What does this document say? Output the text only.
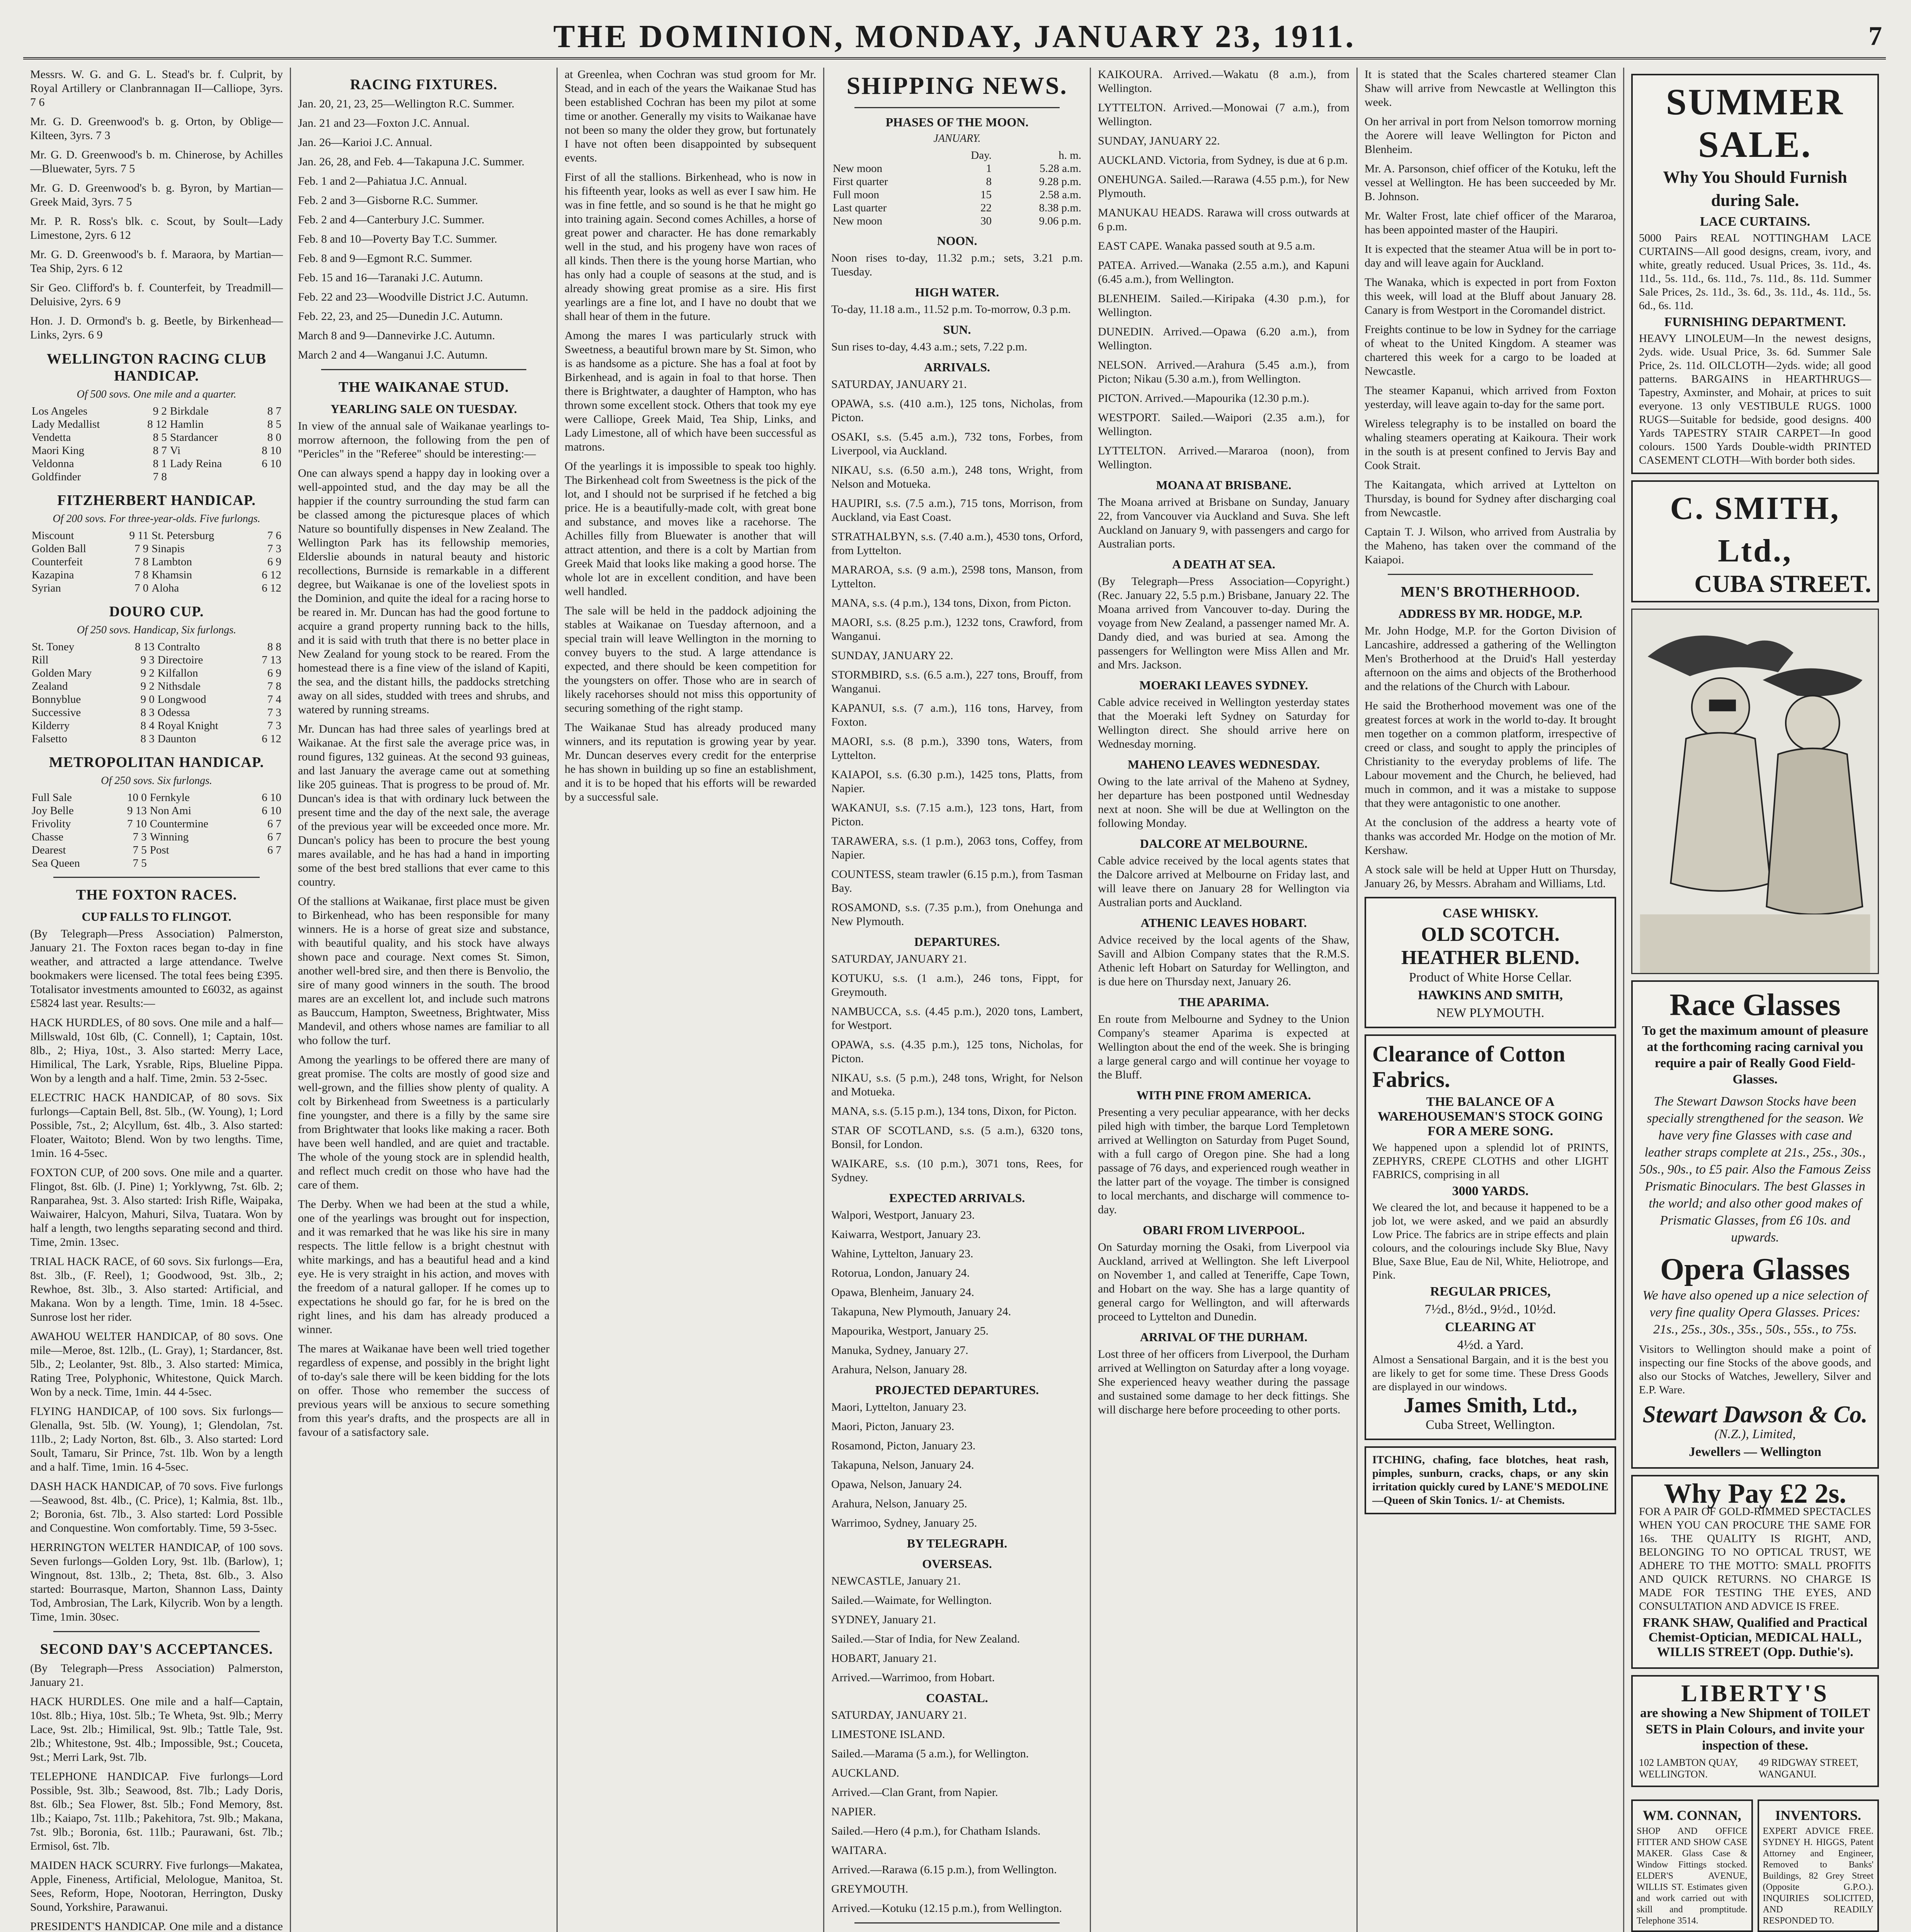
THE DOMINION, MONDAY, JANUARY 23, 1911.	7

Messrs. W. G. and G. L. Stead's br. f. Culprit, by Royal Artillery or Clanbrannagan II—Calliope, 3yrs. 7 6

Mr. G. D. Greenwood's b. g. Orton, by Oblige—Kilteen, 3yrs. 7 3

Mr. G. D. Greenwood's b. m. Chinerose, by Achilles—Bluewater, 5yrs. 7 5

Mr. G. D. Greenwood's b. g. Byron, by Martian—Greek Maid, 3yrs. 7 5

Mr. P. R. Ross's blk. c. Scout, by Soult—Lady Limestone, 2yrs. 6 12

Mr. G. D. Greenwood's b. f. Maraora, by Martian—Tea Ship, 2yrs. 6 12

Sir Geo. Clifford's b. f. Counterfeit, by Treadmill—Deluisive, 2yrs. 6 9

Hon. J. D. Ormond's b. g. Beetle, by Birkenhead—Links, 2yrs. 6 9

WELLINGTON RACING CLUB HANDICAP.
Of 500 sovs. One mile and a quarter.
Los Angeles	9 2	Birkdale	8 7
Lady Medallist	8 12	Hamlin	8 5
Vendetta	8 5	Stardancer	8 0
Maori King	8 7	Vi	8 10
Veldonna	8 1	Lady Reina	6 10
Goldfinder	7 8		
FITZHERBERT HANDICAP.
Of 200 sovs. For three-year-olds. Five furlongs.
Miscount	9 11	St. Petersburg	7 6
Golden Ball	7 9	Sinapis	7 3
Counterfeit	7 8	Lambton	6 9
Kazapina	7 8	Khamsin	6 12
Syrian	7 0	Aloha	6 12
DOURO CUP.
Of 250 sovs. Handicap, Six furlongs.
St. Toney	8 13	Contralto	8 8
Rill	9 3	Directoire	7 13
Golden Mary	9 2	Kilfallon	6 9
Zealand	9 2	Nithsdale	7 8
Bonnyblue	9 0	Longwood	7 4
Successive	8 3	Odessa	7 3
Kilderry	8 4	Royal Knight	7 3
Falsetto	8 3	Daunton	6 12
METROPOLITAN HANDICAP.
Of 250 sovs. Six furlongs.
Full Sale	10 0	Fernkyle	6 10
Joy Belle	9 13	Non Ami	6 10
Frivolity	7 10	Countermine	6 7
Chasse	7 3	Winning	6 7
Dearest	7 5	Post	6 7
Sea Queen	7 5		
THE FOXTON RACES.
CUP FALLS TO FLINGOT.

(By Telegraph—Press Association) Palmerston, January 21. The Foxton races began to-day in fine weather, and attracted a large attendance. Twelve bookmakers were licensed. The total fees being £395. Totalisator investments amounted to £6032, as against £5824 last year. Results:—

HACK HURDLES, of 80 sovs. One mile and a half—Millswald, 10st 6lb, (C. Connell), 1; Captain, 10st. 8lb., 2; Hiya, 10st., 3. Also started: Merry Lace, Himilical, The Lark, Ysrable, Rips, Blueline Pippa. Won by a length and a half. Time, 2min. 53 2-5sec.

ELECTRIC HACK HANDICAP, of 80 sovs. Six furlongs—Captain Bell, 8st. 5lb., (W. Young), 1; Lord Possible, 7st., 2; Alcyllum, 6st. 4lb., 3. Also started: Floater, Waitoto; Blend. Won by two lengths. Time, 1min. 16 4-5sec.

FOXTON CUP, of 200 sovs. One mile and a quarter. Flingot, 8st. 6lb. (J. Pine) 1; Yorklywng, 7st. 6lb. 2; Ranparahea, 9st. 3. Also started: Irish Rifle, Waipaka, Waiwairer, Halcyon, Mahuri, Silva, Tuatara. Won by half a length, two lengths separating second and third. Time, 2min. 13sec.

TRIAL HACK RACE, of 60 sovs. Six furlongs—Era, 8st. 3lb., (F. Reel), 1; Goodwood, 9st. 3lb., 2; Rewhoe, 8st. 3lb., 3. Also started: Artificial, and Makana. Won by a length. Time, 1min. 18 4-5sec. Sunrose lost her rider.

AWAHOU WELTER HANDICAP, of 80 sovs. One mile—Meroe, 8st. 12lb., (L. Gray), 1; Stardancer, 8st. 5lb., 2; Leolanter, 9st. 8lb., 3. Also started: Mimica, Rating Tree, Polyphonic, Whitestone, Quick March. Won by a neck. Time, 1min. 44 4-5sec.

FLYING HANDICAP, of 100 sovs. Six furlongs—Glenalla, 9st. 5lb. (W. Young), 1; Glendolan, 7st. 11lb., 2; Lady Norton, 8st. 6lb., 3. Also started: Lord Soult, Tamaru, Sir Prince, 7st. 1lb. Won by a length and a half. Time, 1min. 16 4-5sec.

DASH HACK HANDICAP, of 70 sovs. Five furlongs—Seawood, 8st. 4lb., (C. Price), 1; Kalmia, 8st. 1lb., 2; Boronia, 6st. 7lb., 3. Also started: Lord Possible and Conquestine. Won comfortably. Time, 59 3-5sec.

HERRINGTON WELTER HANDICAP, of 100 sovs. Seven furlongs—Golden Lory, 9st. 1lb. (Barlow), 1; Wingnout, 8st. 13lb., 2; Theta, 8st. 6lb., 3. Also started: Bourrasque, Marton, Shannon Lass, Dainty Tod, Ambrosian, The Lark, Kilycrib. Won by a length. Time, 1min. 30sec.

SECOND DAY'S ACCEPTANCES.

(By Telegraph—Press Association) Palmerston, January 21.

HACK HURDLES. One mile and a half—Captain, 10st. 8lb.; Hiya, 10st. 5lb.; Te Wheta, 9st. 9lb.; Merry Lace, 9st. 2lb.; Himilical, 9st. 9lb.; Tattle Tale, 9st. 2lb.; Whitestone, 9st. 4lb.; Impossible, 9st.; Couceta, 9st.; Merri Lark, 9st. 7lb.

TELEPHONE HANDICAP. Five furlongs—Lord Possible, 9st. 3lb.; Seawood, 8st. 7lb.; Lady Doris, 8st. 6lb.; Sea Flower, 8st. 5lb.; Fond Memory, 8st. 1lb.; Kaiapo, 7st. 11lb.; Pakehitora, 7st. 9lb.; Makana, 7st. 9lb.; Boronia, 6st. 11lb.; Paurawani, 6st. 7lb.; Ermisol, 6st. 7lb.

MAIDEN HACK SCURRY. Five furlongs—Makatea, Apple, Fineness, Artificial, Melologue, Manitoa, St. Sees, Reform, Hope, Nootoran, Herrington, Dusky Sound, Yorkshire, Parawanui.

PRESIDENT'S HANDICAP. One mile and a distance

RACING FIXTURES.

Jan. 20, 21, 23, 25—Wellington R.C. Summer.

Jan. 21 and 23—Foxton J.C. Annual.

Jan. 26—Karioi J.C. Annual.

Jan. 26, 28, and Feb. 4—Takapuna J.C. Summer.

Feb. 1 and 2—Pahiatua J.C. Annual.

Feb. 2 and 3—Gisborne R.C. Summer.

Feb. 2 and 4—Canterbury J.C. Summer.

Feb. 8 and 10—Poverty Bay T.C. Summer.

Feb. 8 and 9—Egmont R.C. Summer.

Feb. 15 and 16—Taranaki J.C. Autumn.

Feb. 22 and 23—Woodville District J.C. Autumn.

Feb. 22, 23, and 25—Dunedin J.C. Autumn.

March 8 and 9—Dannevirke J.C. Autumn.

March 2 and 4—Wanganui J.C. Autumn.

THE WAIKANAE STUD.
YEARLING SALE ON TUESDAY.

In view of the annual sale of Waikanae yearlings to-morrow afternoon, the following from the pen of "Pericles" in the "Referee" should be interesting:—

One can always spend a happy day in looking over a well-appointed stud, and the day may be all the happier if the country surrounding the stud farm can be classed among the picturesque places of which Nature so bountifully dispenses in New Zealand. The Wellington Park has its fellowship memories, Elderslie abounds in natural beauty and historic recollections, Burnside is remarkable in a different degree, but Waikanae is one of the loveliest spots in the Dominion, and quite the ideal for a racing horse to be reared in. Mr. Duncan has had the good fortune to acquire a grand property running back to the hills, and it is said with truth that there is no better place in New Zealand for young stock to be reared. From the homestead there is a fine view of the island of Kapiti, the sea, and the distant hills, the paddocks stretching away on all sides, studded with trees and shrubs, and watered by running streams.

Mr. Duncan has had three sales of yearlings bred at Waikanae. At the first sale the average price was, in round figures, 132 guineas. At the second 93 guineas, and last January the average came out at something like 205 guineas. That is progress to be proud of. Mr. Duncan's idea is that with ordinary luck between the present time and the day of the next sale, the average of the previous year will be exceeded once more. Mr. Duncan's policy has been to procure the best young mares available, and he has had a hand in importing some of the best bred stallions that ever came to this country.

Of the stallions at Waikanae, first place must be given to Birkenhead, who has been responsible for many winners. He is a horse of great size and substance, with beautiful quality, and his stock have always shown pace and courage. Next comes St. Simon, another well-bred sire, and then there is Benvolio, the sire of many good winners in the south. The brood mares are an excellent lot, and include such matrons as Bauccum, Hampton, Sweetness, Brightwater, Miss Mandevil, and others whose names are familiar to all who follow the turf.

Among the yearlings to be offered there are many of great promise. The colts are mostly of good size and well-grown, and the fillies show plenty of quality. A colt by Birkenhead from Sweetness is a particularly fine youngster, and there is a filly by the same sire from Brightwater that looks like making a racer. Both have been well handled, and are quiet and tractable. The whole of the young stock are in splendid health, and reflect much credit on those who have had the care of them.

The Derby. When we had been at the stud a while, one of the yearlings was brought out for inspection, and it was remarked that he was like his sire in many respects. The little fellow is a bright chestnut with white markings, and has a beautiful head and a kind eye. He is very straight in his action, and moves with the freedom of a natural galloper. If he comes up to expectations he should go far, for he is bred on the right lines, and his dam has already produced a winner.

The mares at Waikanae have been well tried together regardless of expense, and possibly in the bright light of to-day's sale there will be keen bidding for the lots on offer. Those who remember the success of previous years will be anxious to secure something from this year's drafts, and the prospects are all in favour of a satisfactory sale.

at Greenlea, when Cochran was stud groom for Mr. Stead, and in each of the years the Waikanae Stud has been established Cochran has been my pilot at some time or another. Generally my visits to Waikanae have not been so many the older they grow, but fortunately I have not often been disappointed by subsequent events.

First of all the stallions. Birkenhead, who is now in his fifteenth year, looks as well as ever I saw him. He was in fine fettle, and so sound is he that he might go into training again. Second comes Achilles, a horse of great power and character. He has done remarkably well in the stud, and his progeny have won races of all kinds. Then there is the young horse Martian, who has only had a couple of seasons at the stud, and is already showing great promise as a sire. His first yearlings are a fine lot, and I have no doubt that we shall hear of them in the future.

Among the mares I was particularly struck with Sweetness, a beautiful brown mare by St. Simon, who is as handsome as a picture. She has a foal at foot by Birkenhead, and is again in foal to that horse. Then there is Brightwater, a daughter of Hampton, who has thrown some excellent stock. Others that took my eye were Calliope, Greek Maid, Tea Ship, Links, and Lady Limestone, all of which have been successful as matrons.

Of the yearlings it is impossible to speak too highly. The Birkenhead colt from Sweetness is the pick of the lot, and I should not be surprised if he fetched a big price. He is a beautifully-made colt, with great bone and substance, and moves like a racehorse. The Achilles filly from Bluewater is another that will attract attention, and there is a colt by Martian from Greek Maid that looks like making a good horse. The whole lot are in excellent condition, and have been well handled.

The sale will be held in the paddock adjoining the stables at Waikanae on Tuesday afternoon, and a special train will leave Wellington in the morning to convey buyers to the stud. A large attendance is expected, and there should be keen competition for the youngsters on offer. Those who are in search of likely racehorses should not miss this opportunity of securing something of the right stamp.

The Waikanae Stud has already produced many winners, and its reputation is growing year by year. Mr. Duncan deserves every credit for the enterprise he has shown in building up so fine an establishment, and it is to be hoped that his efforts will be rewarded by a successful sale.

SHIPPING NEWS.
PHASES OF THE MOON.
JANUARY.
	Day.	h. m.
New moon	1	5.28 a.m.
First quarter	8	9.28 p.m.
Full moon	15	2.58 a.m.
Last quarter	22	8.38 p.m.
New moon	30	9.06 p.m.
NOON.

Noon rises to-day, 11.32 p.m.; sets, 3.21 p.m. Tuesday.

HIGH WATER.

To-day, 11.18 a.m., 11.52 p.m. To-morrow, 0.3 p.m.

SUN.

Sun rises to-day, 4.43 a.m.; sets, 7.22 p.m.

ARRIVALS.

SATURDAY, JANUARY 21.

OPAWA, s.s. (410 a.m.), 125 tons, Nicholas, from Picton.

OSAKI, s.s. (5.45 a.m.), 732 tons, Forbes, from Liverpool, via Auckland.

NIKAU, s.s. (6.50 a.m.), 248 tons, Wright, from Nelson and Motueka.

HAUPIRI, s.s. (7.5 a.m.), 715 tons, Morrison, from Auckland, via East Coast.

STRATHALBYN, s.s. (7.40 a.m.), 4530 tons, Orford, from Lyttelton.

MARAROA, s.s. (9 a.m.), 2598 tons, Manson, from Lyttelton.

MANA, s.s. (4 p.m.), 134 tons, Dixon, from Picton.

MAORI, s.s. (8.25 p.m.), 1232 tons, Crawford, from Wanganui.

SUNDAY, JANUARY 22.

STORMBIRD, s.s. (6.5 a.m.), 227 tons, Brouff, from Wanganui.

KAPANUI, s.s. (7 a.m.), 116 tons, Harvey, from Foxton.

MAORI, s.s. (8 p.m.), 3390 tons, Waters, from Lyttelton.

KAIAPOI, s.s. (6.30 p.m.), 1425 tons, Platts, from Napier.

WAKANUI, s.s. (7.15 a.m.), 123 tons, Hart, from Picton.

TARAWERA, s.s. (1 p.m.), 2063 tons, Coffey, from Napier.

COUNTESS, steam trawler (6.15 p.m.), from Tasman Bay.

ROSAMOND, s.s. (7.35 p.m.), from Onehunga and New Plymouth.

DEPARTURES.

SATURDAY, JANUARY 21.

KOTUKU, s.s. (1 a.m.), 246 tons, Fippt, for Greymouth.

NAMBUCCA, s.s. (4.45 p.m.), 2020 tons, Lambert, for Westport.

OPAWA, s.s. (4.35 p.m.), 125 tons, Nicholas, for Picton.

NIKAU, s.s. (5 p.m.), 248 tons, Wright, for Nelson and Motueka.

MANA, s.s. (5.15 p.m.), 134 tons, Dixon, for Picton.

STAR OF SCOTLAND, s.s. (5 a.m.), 6320 tons, Bonsil, for London.

WAIKARE, s.s. (10 p.m.), 3071 tons, Rees, for Sydney.

EXPECTED ARRIVALS.

Walpori, Westport, January 23.

Kaiwarra, Westport, January 23.

Wahine, Lyttelton, January 23.

Rotorua, London, January 24.

Opawa, Blenheim, January 24.

Takapuna, New Plymouth, January 24.

Mapourika, Westport, January 25.

Manuka, Sydney, January 27.

Arahura, Nelson, January 28.

PROJECTED DEPARTURES.

Maori, Lyttelton, January 23.

Maori, Picton, January 23.

Rosamond, Picton, January 23.

Takapuna, Nelson, January 24.

Opawa, Nelson, January 24.

Arahura, Nelson, January 25.

Warrimoo, Sydney, January 25.

BY TELEGRAPH.
OVERSEAS.

NEWCASTLE, January 21.

Sailed.—Waimate, for Wellington.

SYDNEY, January 21.

Sailed.—Star of India, for New Zealand.

HOBART, January 21.

Arrived.—Warrimoo, from Hobart.

COASTAL.

SATURDAY, JANUARY 21.

LIMESTONE ISLAND.

Sailed.—Marama (5 a.m.), for Wellington.

AUCKLAND.

Arrived.—Clan Grant, from Napier.

NAPIER.

Sailed.—Hero (4 p.m.), for Chatham Islands.

WAITARA.

Arrived.—Rarawa (6.15 p.m.), from Wellington.

GREYMOUTH.

Arrived.—Kotuku (12.15 p.m.), from Wellington.

KAIKOURA. Arrived.—Wakatu (8 a.m.), from Wellington.

LYTTELTON. Arrived.—Monowai (7 a.m.), from Wellington.

SUNDAY, JANUARY 22.

AUCKLAND. Victoria, from Sydney, is due at 6 p.m.

ONEHUNGA. Sailed.—Rarawa (4.55 p.m.), for New Plymouth.

MANUKAU HEADS. Rarawa will cross outwards at 6 p.m.

EAST CAPE. Wanaka passed south at 9.5 a.m.

PATEA. Arrived.—Wanaka (2.55 a.m.), and Kapuni (6.45 a.m.), from Wellington.

BLENHEIM. Sailed.—Kiripaka (4.30 p.m.), for Wellington.

DUNEDIN. Arrived.—Opawa (6.20 a.m.), from Wellington.

NELSON. Arrived.—Arahura (5.45 a.m.), from Picton; Nikau (5.30 a.m.), from Wellington.

PICTON. Arrived.—Mapourika (12.30 p.m.).

WESTPORT. Sailed.—Waipori (2.35 a.m.), for Wellington.

LYTTELTON. Arrived.—Mararoa (noon), from Wellington.

MOANA AT BRISBANE.

The Moana arrived at Brisbane on Sunday, January 22, from Vancouver via Auckland and Suva. She left Auckland on January 9, with passengers and cargo for Australian ports.

A DEATH AT SEA.

(By Telegraph—Press Association—Copyright.) (Rec. January 22, 5.5 p.m.) Brisbane, January 22. The Moana arrived from Vancouver to-day. During the voyage from New Zealand, a passenger named Mr. A. Dandy died, and was buried at sea. Among the passengers for Wellington were Miss Allen and Mr. and Mrs. Jackson.

MOERAKI LEAVES SYDNEY.

Cable advice received in Wellington yesterday states that the Moeraki left Sydney on Saturday for Wellington direct. She should arrive here on Wednesday morning.

MAHENO LEAVES WEDNESDAY.

Owing to the late arrival of the Maheno at Sydney, her departure has been postponed until Wednesday next at noon. She will be due at Wellington on the following Monday.

DALCORE AT MELBOURNE.

Cable advice received by the local agents states that the Dalcore arrived at Melbourne on Friday last, and will leave there on January 28 for Wellington via Australian ports and Auckland.

ATHENIC LEAVES HOBART.

Advice received by the local agents of the Shaw, Savill and Albion Company states that the R.M.S. Athenic left Hobart on Saturday for Wellington, and is due here on Thursday next, January 26.

THE APARIMA.

En route from Melbourne and Sydney to the Union Company's steamer Aparima is expected at Wellington about the end of the week. She is bringing a large general cargo and will continue her voyage to the Bluff.

WITH PINE FROM AMERICA.

Presenting a very peculiar appearance, with her decks piled high with timber, the barque Lord Templetown arrived at Wellington on Saturday from Puget Sound, with a full cargo of Oregon pine. She had a long passage of 76 days, and experienced rough weather in the latter part of the voyage. The timber is consigned to local merchants, and discharge will commence to-day.

OBARI FROM LIVERPOOL.

On Saturday morning the Osaki, from Liverpool via Auckland, arrived at Wellington. She left Liverpool on November 1, and called at Teneriffe, Cape Town, and Hobart on the way. She has a large quantity of general cargo for Wellington, and will afterwards proceed to Lyttelton and Dunedin.

ARRIVAL OF THE DURHAM.

Lost three of her officers from Liverpool, the Durham arrived at Wellington on Saturday after a long voyage. She experienced heavy weather during the passage and sustained some damage to her deck fittings. She will discharge here before proceeding to other ports.

It is stated that the Scales chartered steamer Clan Shaw will arrive from Newcastle at Wellington this week.

On her arrival in port from Nelson tomorrow morning the Aorere will leave Wellington for Picton and Blenheim.

Mr. A. Parsonson, chief officer of the Kotuku, left the vessel at Wellington. He has been succeeded by Mr. B. Johnson.

Mr. Walter Frost, late chief officer of the Mararoa, has been appointed master of the Haupiri.

It is expected that the steamer Atua will be in port to-day and will leave again for Auckland.

The Wanaka, which is expected in port from Foxton this week, will load at the Bluff about January 28. Canary is from Westport in the Coromandel district.

Freights continue to be low in Sydney for the carriage of wheat to the United Kingdom. A steamer was chartered this week for a cargo to be loaded at Newcastle.

The steamer Kapanui, which arrived from Foxton yesterday, will leave again to-day for the same port.

Wireless telegraphy is to be installed on board the whaling steamers operating at Kaikoura. Their work in the south is at present confined to Jervis Bay and Cook Strait.

The Kaitangata, which arrived at Lyttelton on Thursday, is bound for Sydney after discharging coal from Newcastle.

Captain T. J. Wilson, who arrived from Australia by the Maheno, has taken over the command of the Kaiapoi.

MEN'S BROTHERHOOD.
ADDRESS BY MR. HODGE, M.P.

Mr. John Hodge, M.P. for the Gorton Division of Lancashire, addressed a gathering of the Wellington Men's Brotherhood at the Druid's Hall yesterday afternoon on the aims and objects of the Brotherhood and the relations of the Church with Labour.

He said the Brotherhood movement was one of the greatest forces at work in the world to-day. It brought men together on a common platform, irrespective of creed or class, and sought to apply the principles of Christianity to the everyday problems of life. The Labour movement and the Church, he believed, had much in common, and it was a mistake to suppose that they were antagonistic to one another.

At the conclusion of the address a hearty vote of thanks was accorded Mr. Hodge on the motion of Mr. Kershaw.

A stock sale will be held at Upper Hutt on Thursday, January 26, by Messrs. Abraham and Williams, Ltd.

CASE WHISKY.
OLD SCOTCH.
HEATHER BLEND.
Product of White Horse Cellar.
HAWKINS AND SMITH,
NEW PLYMOUTH.
Clearance of Cotton Fabrics.
THE BALANCE OF A WAREHOUSEMAN'S STOCK GOING FOR A MERE SONG.
We happened upon a splendid lot of PRINTS, ZEPHYRS, CREPE CLOTHS and other LIGHT FABRICS, comprising in all
3000 YARDS.
We cleared the lot, and because it happened to be a job lot, we were asked, and we paid an absurdly Low Price. The fabrics are in stripe effects and plain colours, and the colourings include Sky Blue, Navy Blue, Saxe Blue, Eau de Nil, White, Heliotrope, and Pink.
REGULAR PRICES,
7½d., 8½d., 9½d., 10½d.
CLEARING AT
4½d. a Yard.
Almost a Sensational Bargain, and it is the best you are likely to get for some time. These Dress Goods are displayed in our windows.
James Smith, Ltd.,
Cuba Street, Wellington.
ITCHING, chafing, face blotches, heat rash, pimples, sunburn, cracks, chaps, or any skin irritation quickly cured by LANE'S MEDOLINE—Queen of Skin Tonics. 1/- at Chemists.
SUMMER SALE.
Why You Should Furnish during Sale.
LACE CURTAINS.
5000 Pairs REAL NOTTINGHAM LACE CURTAINS—All good designs, cream, ivory, and white, greatly reduced. Usual Prices, 3s. 11d., 4s. 11d., 5s. 11d., 6s. 11d., 7s. 11d., 8s. 11d. Summer Sale Prices, 2s. 11d., 3s. 6d., 3s. 11d., 4s. 11d., 5s. 6d., 6s. 11d.
FURNISHING DEPARTMENT.
HEAVY LINOLEUM—In the newest designs, 2yds. wide. Usual Price, 3s. 6d. Summer Sale Price, 2s. 11d. OILCLOTH—2yds. wide; all good patterns. BARGAINS in HEARTHRUGS—Tapestry, Axminster, and Mohair, at prices to suit everyone. 13 only VESTIBULE RUGS. 1000 RUGS—Suitable for bedside, good designs. 400 Yards TAPESTRY STAIR CARPET—In good colours. 1500 Yards Double-width PRINTED CASEMENT CLOTH—With border both sides.
C. SMITH, Ltd.,
CUBA STREET.
Race Glasses
To get the maximum amount of pleasure at the forthcoming racing carnival you require a pair of Really Good Field-Glasses.
The Stewart Dawson Stocks have been specially strengthened for the season. We have very fine Glasses with case and leather straps complete at 21s., 25s., 30s., 50s., 90s., to £5 pair. Also the Famous Zeiss Prismatic Binoculars. The best Glasses in the world; and also other good makes of Prismatic Glasses, from £6 10s. and upwards.
Opera Glasses
We have also opened up a nice selection of very fine quality Opera Glasses. Prices: 21s., 25s., 30s., 35s., 50s., 55s., to 75s.
Visitors to Wellington should make a point of inspecting our fine Stocks of the above goods, and also our Stocks of Watches, Jewellery, Silver and E.P. Ware.
Stewart Dawson & Co.
(N.Z.), Limited,
Jewellers — Wellington
Why Pay £2 2s.
FOR A PAIR OF GOLD-RIMMED SPECTACLES WHEN YOU CAN PROCURE THE SAME FOR 16s. THE QUALITY IS RIGHT, AND, BELONGING TO NO OPTICAL TRUST, WE ADHERE TO THE MOTTO: SMALL PROFITS AND QUICK RETURNS. NO CHARGE IS MADE FOR TESTING THE EYES, AND CONSULTATION AND ADVICE IS FREE.
FRANK SHAW, Qualified and Practical Chemist-Optician, MEDICAL HALL, WILLIS STREET (Opp. Duthie's).
LIBERTY'S
are showing a New Shipment of TOILET SETS in Plain Colours, and invite your inspection of these.
102 LAMBTON QUAY, WELLINGTON.
49 RIDGWAY STREET, WANGANUI.
WM. CONNAN,
SHOP AND OFFICE FITTER AND SHOW CASE MAKER. Glass Case & Window Fittings stocked. ELDER'S AVENUE, WILLIS ST. Estimates given and work carried out with skill and promptitude. Telephone 3514.
INVENTORS.
EXPERT ADVICE FREE. SYDNEY H. HIGGS, Patent Attorney and Engineer, Removed to Banks' Buildings, 82 Grey Street (Opposite G.P.O.). INQUIRIES SOLICITED, AND READILY RESPONDED TO.
